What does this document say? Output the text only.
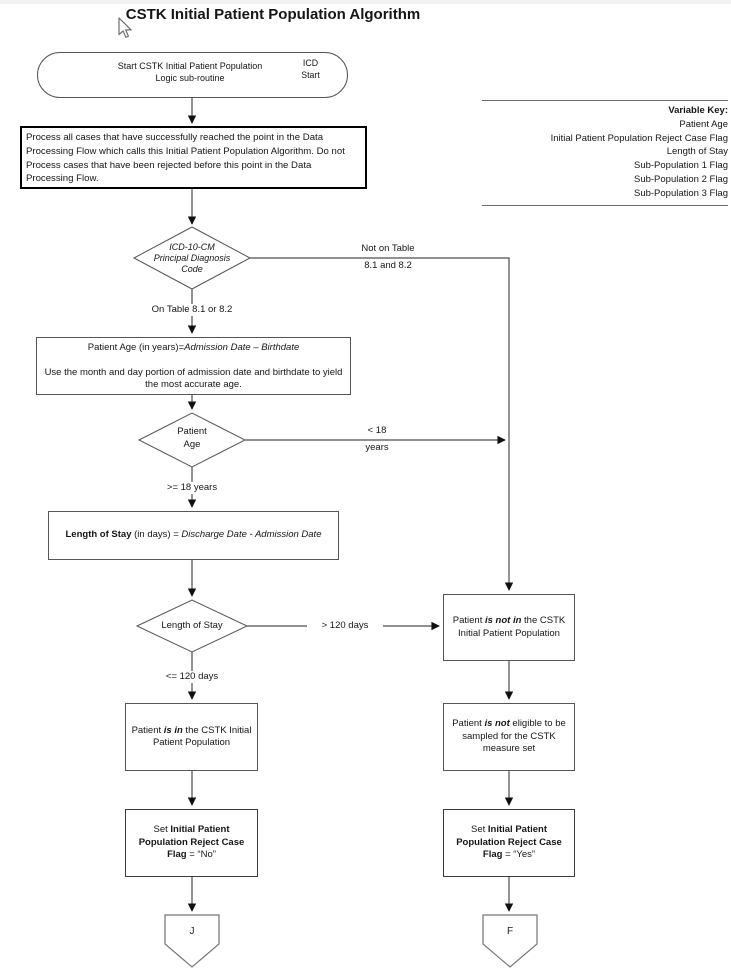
CSTK Initial Patient Population Algorithm
Variable Key:
Patient Age
Initial Patient Population Reject Case Flag
Length of Stay
Sub-Population 1 Flag
Sub-Population 2 Flag
Sub-Population 3 Flag
Start CSTK Initial Patient Population
Logic sub-routine
ICD
Start
Process all cases that have successfully reached the point in the Data Processing Flow which calls this Initial Patient Population Algorithm. Do not Process cases that have been rejected before this point in the Data Processing Flow.
ICD-10-CM
Principal Diagnosis
Code
Not on Table
8.1 and 8.2
On Table 8.1 or 8.2
Patient Age (in years)=Admission Date – Birthdate
Use the month and day portion of admission date and birthdate to yield the most accurate age.
Patient
Age
< 18
years
>= 18 years
Length of Stay (in days) = Discharge Date - Admission Date
Length of Stay	> 120 days
<= 120 days
Patient is not in the CSTK Initial Patient Population
Patient is in the CSTK Initial Patient Population
Patient is not eligible to be sampled for the CSTK measure set
Set Initial Patient Population Reject Case Flag = “No”
Set Initial Patient Population Reject Case Flag = “Yes”
J	F
